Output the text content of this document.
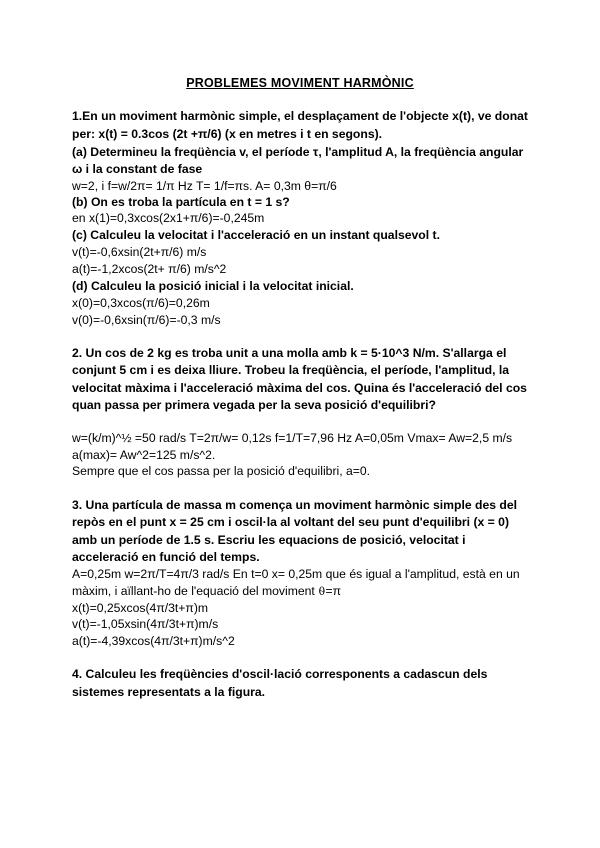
PROBLEMES MOVIMENT HARMÒNIC
1.En un moviment harmònic simple, el desplaçament de l'objecte x(t), ve donat
per: x(t) = 0.3cos (2t +π/6) (x en metres i t en segons).
(a) Determineu la freqüència v, el període τ, l'amplitud A, la freqüència angular
ω i la constant de fase
w=2, i f=w/2π= 1/π Hz T= 1/f=πs. A= 0,3m θ=π/6
(b) On es troba la partícula en t = 1 s?
en x(1)=0,3xcos(2x1+π/6)=-0,245m
(c) Calculeu la velocitat i l'acceleració en un instant qualsevol t.
v(t)=-0,6xsin(2t+π/6) m/s
a(t)=-1,2xcos(2t+ π/6) m/s^2
(d) Calculeu la posició inicial i la velocitat inicial.
x(0)=0,3xcos(π/6)=0,26m
v(0)=-0,6xsin(π/6)=-0,3 m/s
2. Un cos de 2 kg es troba unit a una molla amb k = 5·10^3 N/m. S'allarga el
conjunt 5 cm i es deixa lliure. Trobeu la freqüència, el període, l'amplitud, la
velocitat màxima i l'acceleració màxima del cos. Quina és l'acceleració del cos
quan passa per primera vegada per la seva posició d'equilibri?
w=(k/m)^½ =50 rad/s T=2π/w= 0,12s f=1/T=7,96 Hz A=0,05m Vmax= Aw=2,5 m/s
a(max)= Aw^2=125 m/s^2.
Sempre que el cos passa per la posició d'equilibri, a=0.
3. Una partícula de massa m comença un moviment harmònic simple des del
repòs en el punt x = 25 cm i oscil·la al voltant del seu punt d'equilibri (x = 0)
amb un període de 1.5 s. Escriu les equacions de posició, velocitat i
acceleració en funció del temps.
A=0,25m w=2π/T=4π/3 rad/s En t=0 x= 0,25m que és igual a l'amplitud, està en un
màxim, i aïllant-ho de l'equació del moviment ⍬=π
x(t)=0,25xcos(4π/3t+π)m
v(t)=-1,05xsin(4π/3t+π)m/s
a(t)=-4,39xcos(4π/3t+π)m/s^2
4. Calculeu les freqüències d'oscil·lació corresponents a cadascun dels
sistemes representats a la figura.
